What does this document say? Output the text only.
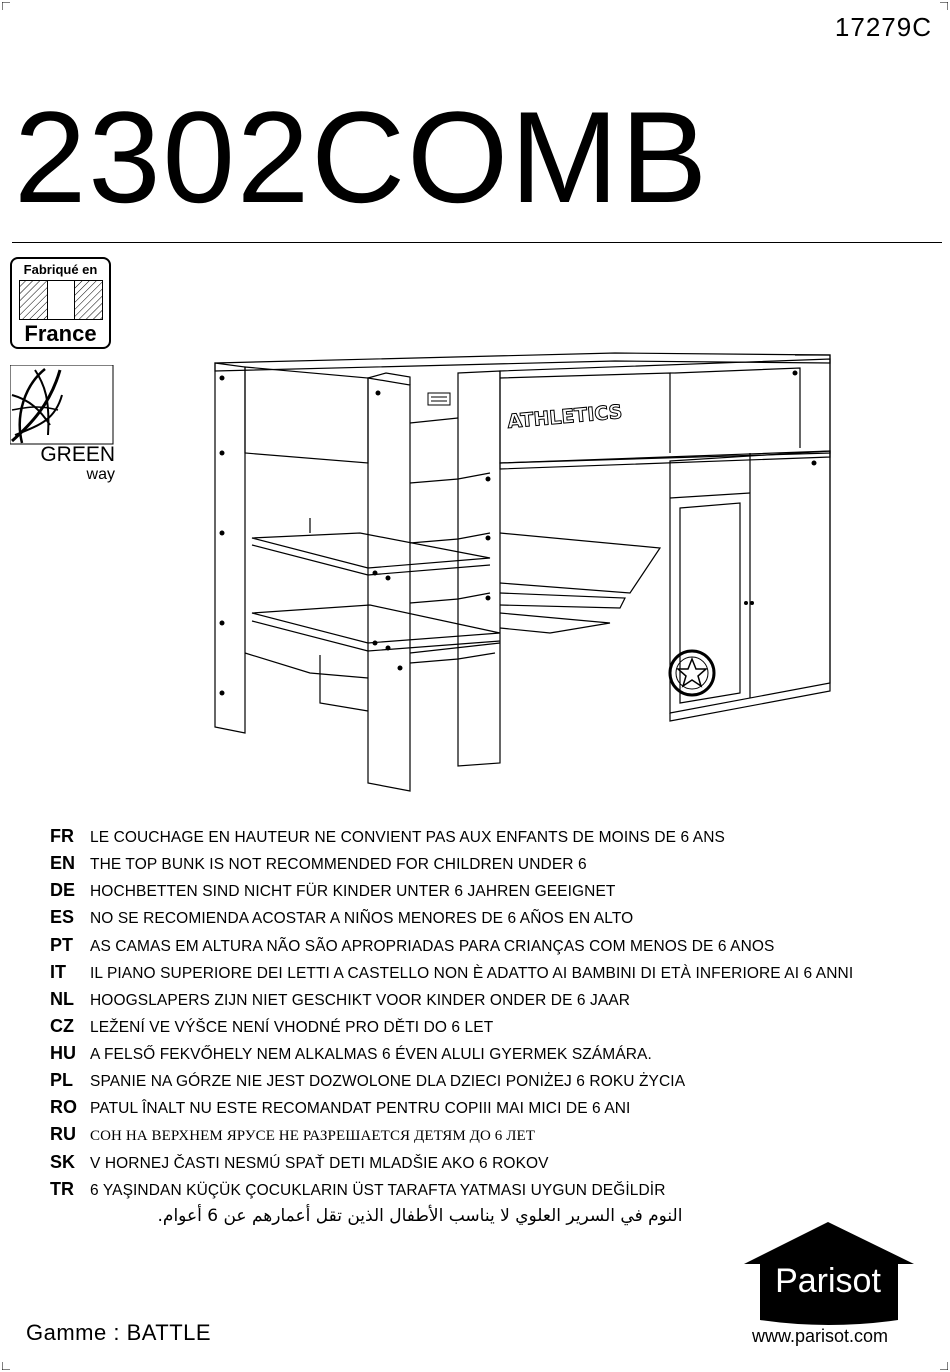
17279C
2302COMB
Fabriqué en
France
GREEN
way
ATHLETICS
FR LE COUCHAGE EN HAUTEUR NE CONVIENT PAS AUX ENFANTS DE MOINS DE 6 ANS
EN THE TOP BUNK IS NOT RECOMMENDED FOR CHILDREN UNDER 6
DE HOCHBETTEN SIND NICHT FÜR KINDER UNTER 6 JAHREN GEEIGNET
ES NO SE RECOMIENDA ACOSTAR A NIÑOS MENORES DE 6 AÑOS EN ALTO
PT AS CAMAS EM ALTURA NÃO SÃO APROPRIADAS PARA CRIANÇAS COM MENOS DE 6 ANOS
IT IL PIANO SUPERIORE DEI LETTI A CASTELLO NON È ADATTO AI BAMBINI DI ETÀ INFERIORE AI 6 ANNI
NL HOOGSLAPERS ZIJN NIET GESCHIKT VOOR KINDER ONDER DE 6 JAAR
CZ LEŽENÍ VE VÝŠCE NENÍ VHODNÉ PRO DĚTI DO 6 LET
HU A FELSŐ FEKVŐHELY NEM ALKALMAS 6 ÉVEN ALULI GYERMEK SZÁMÁRA.
PL SPANIE NA GÓRZE NIE JEST DOZWOLONE DLA DZIECI PONIŻEJ 6 ROKU ŻYCIA
RO PATUL ÎNALT NU ESTE RECOMANDAT PENTRU COPIII MAI MICI DE 6 ANI
RU СОН НА ВЕРХНЕМ ЯРУСЕ НЕ РАЗРЕШАЕТСЯ ДЕТЯМ ДО 6 ЛЕТ
SK V HORNEJ ČASTI NESMÚ SPAŤ DETI MLADŠIE AKO 6 ROKOV
TR 6 YAŞINDAN KÜÇÜK ÇOCUKLARIN ÜST TARAFTA YATMASI UYGUN DEĞİLDİR
النوم في السرير العلوي لا يناسب الأطفال الذين تقل أعمارهم عن 6 أعوام.
Gamme : BATTLE
Parisot
www.parisot.com
